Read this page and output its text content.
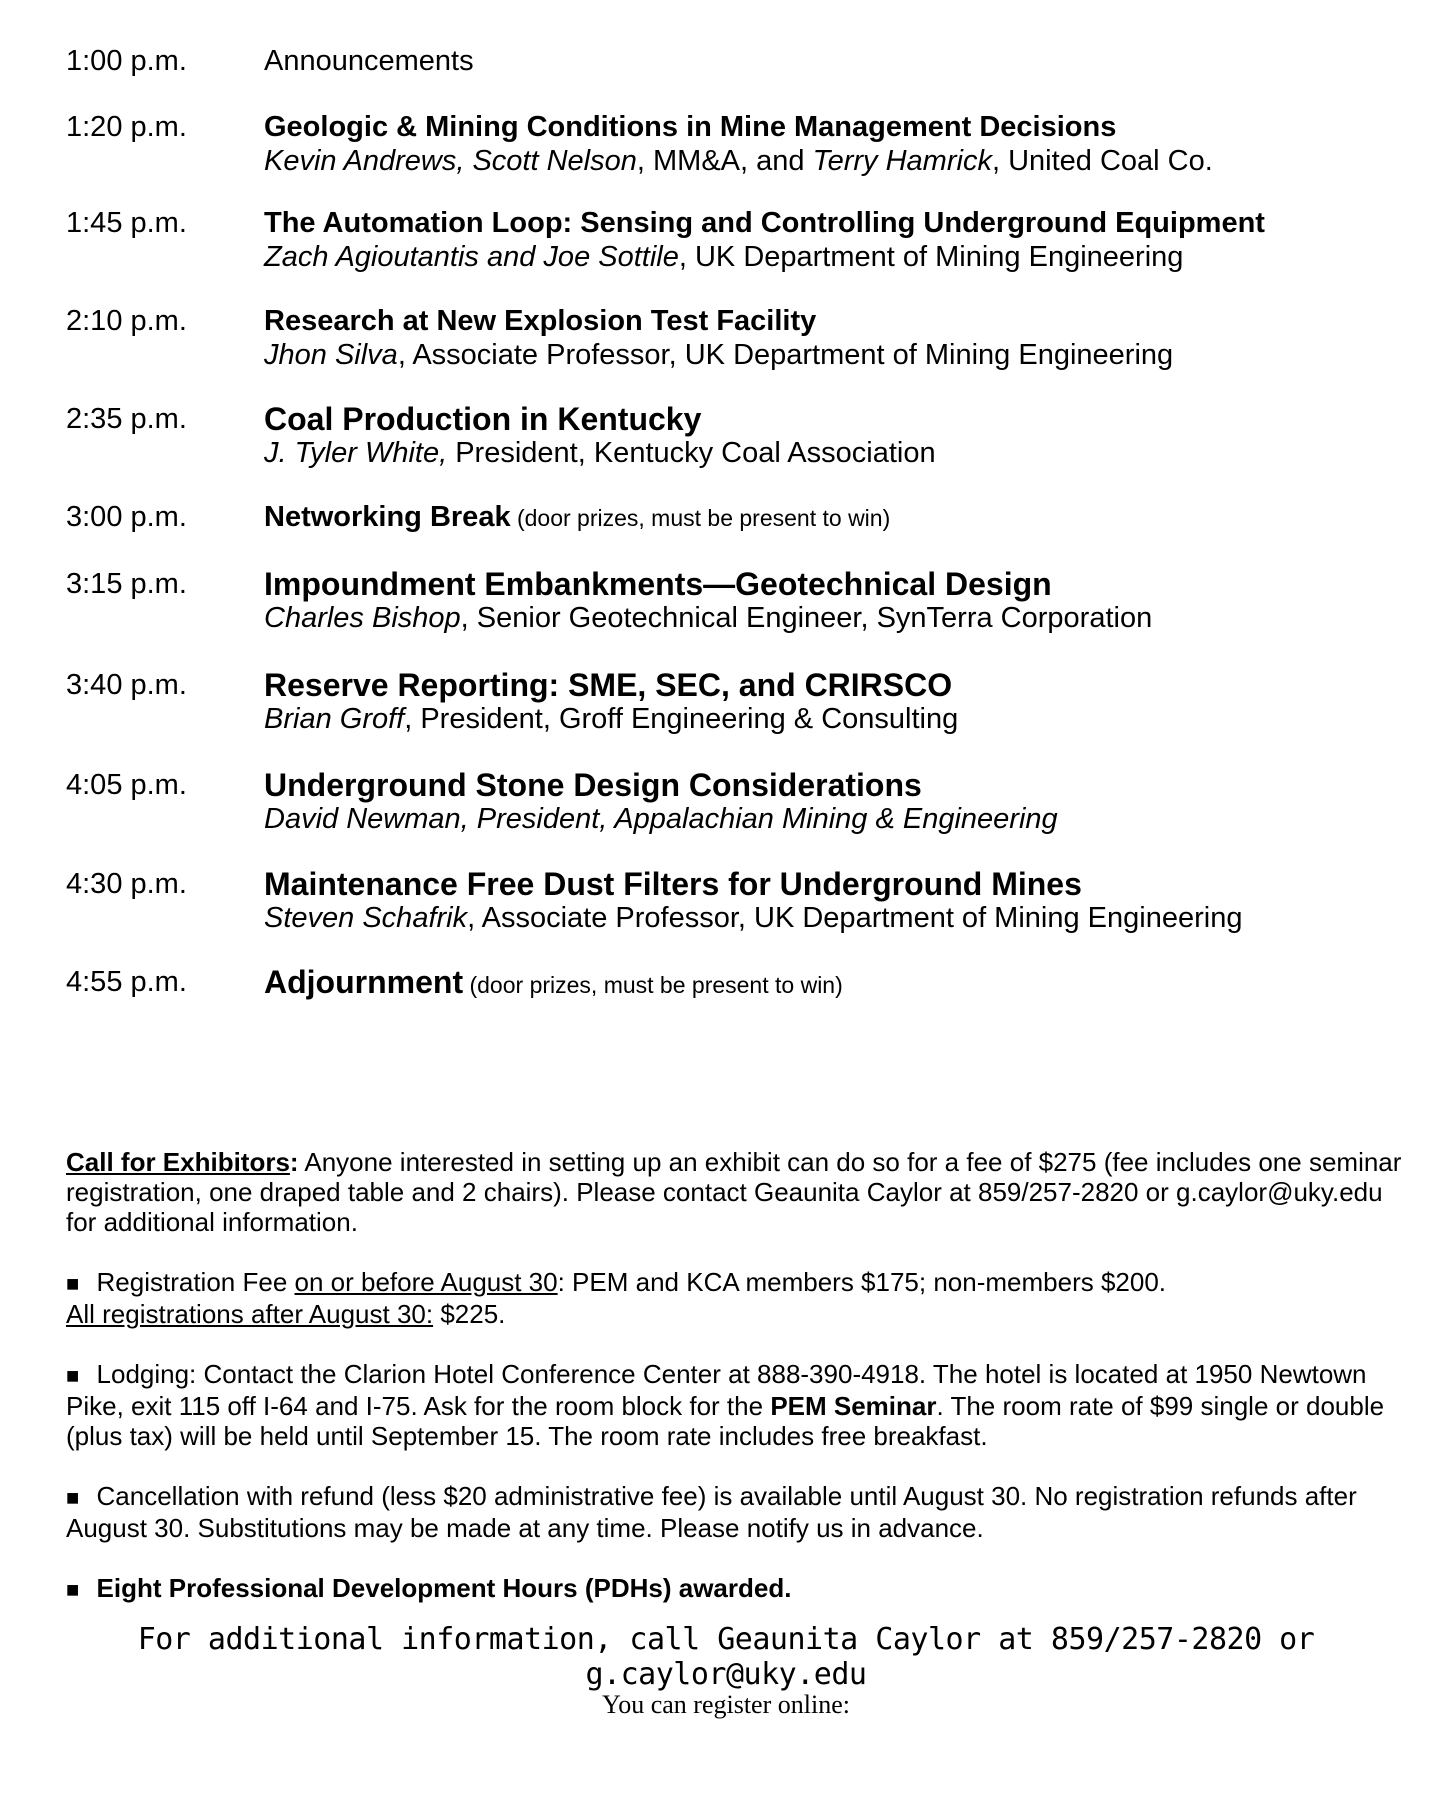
1:00 p.m.	Announcements
1:20 p.m.	Geologic & Mining Conditions in Mine Management Decisions
Kevin Andrews, Scott Nelson, MM&A, and Terry Hamrick, United Coal Co.
1:45 p.m.	The Automation Loop: Sensing and Controlling Underground Equipment
Zach Agioutantis and Joe Sottile, UK Department of Mining Engineering
2:10 p.m.	Research at New Explosion Test Facility
Jhon Silva, Associate Professor, UK Department of Mining Engineering
2:35 p.m.	Coal Production in Kentucky
J. Tyler White, President, Kentucky Coal Association
3:00 p.m.	Networking Break (door prizes, must be present to win)
3:15 p.m.	Impoundment Embankments—Geotechnical Design
Charles Bishop, Senior Geotechnical Engineer, SynTerra Corporation
3:40 p.m.	Reserve Reporting: SME, SEC, and CRIRSCO
Brian Groff, President, Groff Engineering & Consulting
4:05 p.m.	Underground Stone Design Considerations
David Newman, President, Appalachian Mining & Engineering
4:30 p.m.	Maintenance Free Dust Filters for Underground Mines
Steven Schafrik, Associate Professor, UK Department of Mining Engineering
4:55 p.m.	Adjournment (door prizes, must be present to win)

Call for Exhibitors: Anyone interested in setting up an exhibit can do so for a fee of $275 (fee includes one seminar registration, one draped table and 2 chairs). Please contact Geaunita Caylor at 859/257-2820 or g.caylor@uky.edu for additional information.

■ Registration Fee on or before August 30: PEM and KCA members $175; non-members $200.
All registrations after August 30: $225.

■ Lodging: Contact the Clarion Hotel Conference Center at 888-390-4918. The hotel is located at 1950 Newtown Pike, exit 115 off I-64 and I-75. Ask for the room block for the PEM Seminar. The room rate of $99 single or double (plus tax) will be held until September 15. The room rate includes free breakfast.

■ Cancellation with refund (less $20 administrative fee) is available until August 30. No registration refunds after August 30. Substitutions may be made at any time. Please notify us in advance.

■ Eight Professional Development Hours (PDHs) awarded.

For additional information, call Geaunita Caylor at 859/257-2820 or g.caylor@uky.edu
You can register online:
